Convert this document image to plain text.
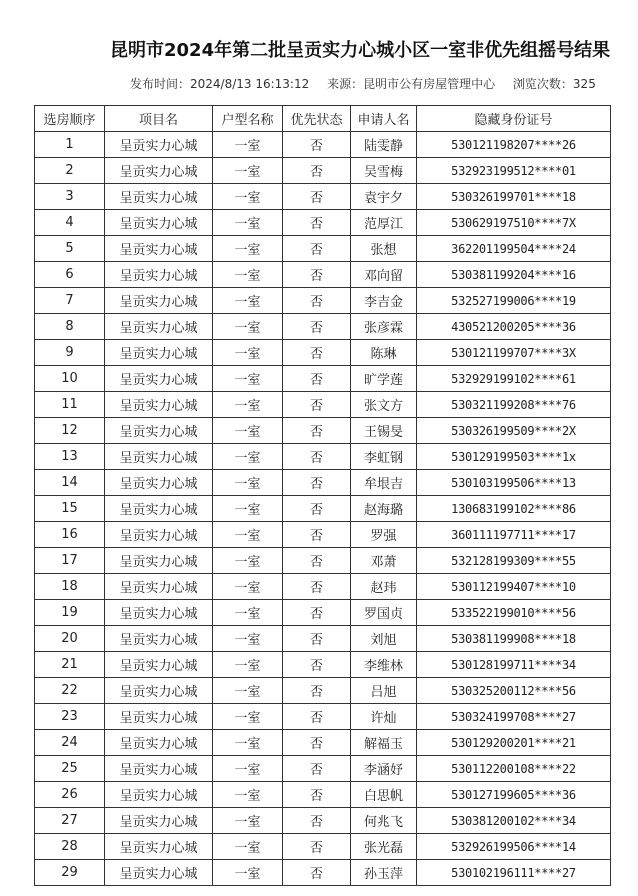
昆明市2024年第二批呈贡实力心城小区一室非优先组摇号结果
发布时间：2024/8/13 16:13:12 来源：昆明市公有房屋管理中心 浏览次数：325
选房顺序	项目名	户型名称	优先状态	申请人名	隐藏身份证号
1	呈贡实力心城	一室	否	陆雯静	530121198207****26
2	呈贡实力心城	一室	否	吴雪梅	532923199512****01
3	呈贡实力心城	一室	否	袁宇夕	530326199701****18
4	呈贡实力心城	一室	否	范厚江	530629197510****7X
5	呈贡实力心城	一室	否	张想	362201199504****24
6	呈贡实力心城	一室	否	邓向留	530381199204****16
7	呈贡实力心城	一室	否	李吉金	532527199006****19
8	呈贡实力心城	一室	否	张彦霖	430521200205****36
9	呈贡实力心城	一室	否	陈琳	530121199707****3X
10	呈贡实力心城	一室	否	旷学莲	532929199102****61
11	呈贡实力心城	一室	否	张文方	530321199208****76
12	呈贡实力心城	一室	否	王锡旻	530326199509****2X
13	呈贡实力心城	一室	否	李虹钢	530129199503****1x
14	呈贡实力心城	一室	否	牟垠吉	530103199506****13
15	呈贡实力心城	一室	否	赵海璐	130683199102****86
16	呈贡实力心城	一室	否	罗强	360111197711****17
17	呈贡实力心城	一室	否	邓萧	532128199309****55
18	呈贡实力心城	一室	否	赵玮	530112199407****10
19	呈贡实力心城	一室	否	罗国贞	533522199010****56
20	呈贡实力心城	一室	否	刘旭	530381199908****18
21	呈贡实力心城	一室	否	李维林	530128199711****34
22	呈贡实力心城	一室	否	吕旭	530325200112****56
23	呈贡实力心城	一室	否	许灿	530324199708****27
24	呈贡实力心城	一室	否	解福玉	530129200201****21
25	呈贡实力心城	一室	否	李涵妤	530112200108****22
26	呈贡实力心城	一室	否	白思帆	530127199605****36
27	呈贡实力心城	一室	否	何兆飞	530381200102****34
28	呈贡实力心城	一室	否	张光磊	532926199506****14
29	呈贡实力心城	一室	否	孙玉萍	530102196111****27
